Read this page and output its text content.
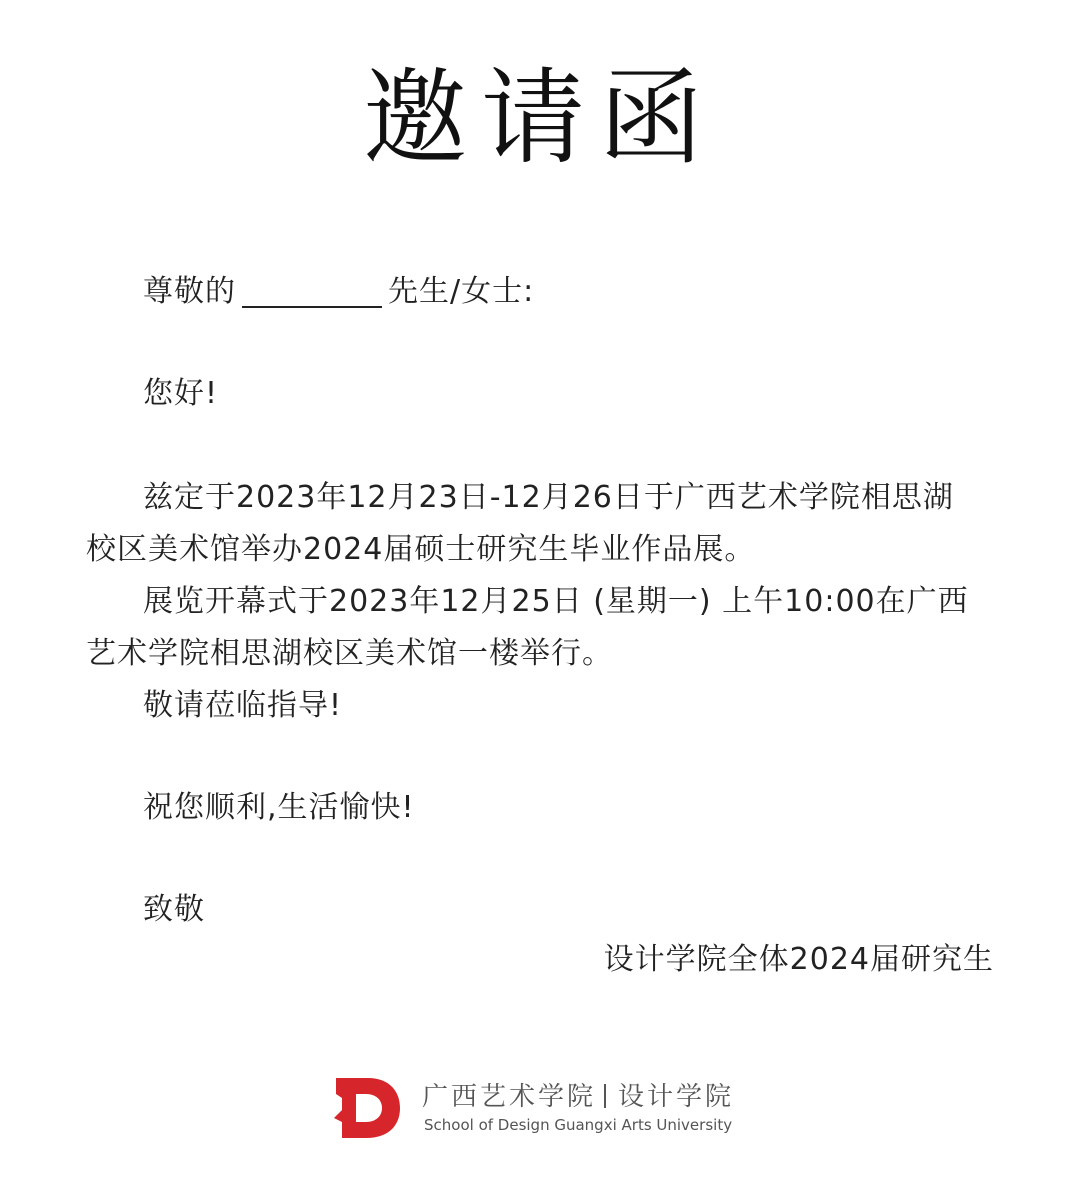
邀请函
尊敬的	先生/女士:
您好!
兹定于2023年12月23日-12月26日于广西艺术学院相思湖
校区美术馆举办2024届硕士研究生毕业作品展。
展览开幕式于2023年12月25日 (星期一) 上午10:00在广西
艺术学院相思湖校区美术馆一楼举行。
敬请莅临指导!
祝您顺利,生活愉快!
致敬
设计学院全体2024届研究生
广西艺术学院 设计学院
School of Design Guangxi Arts University
